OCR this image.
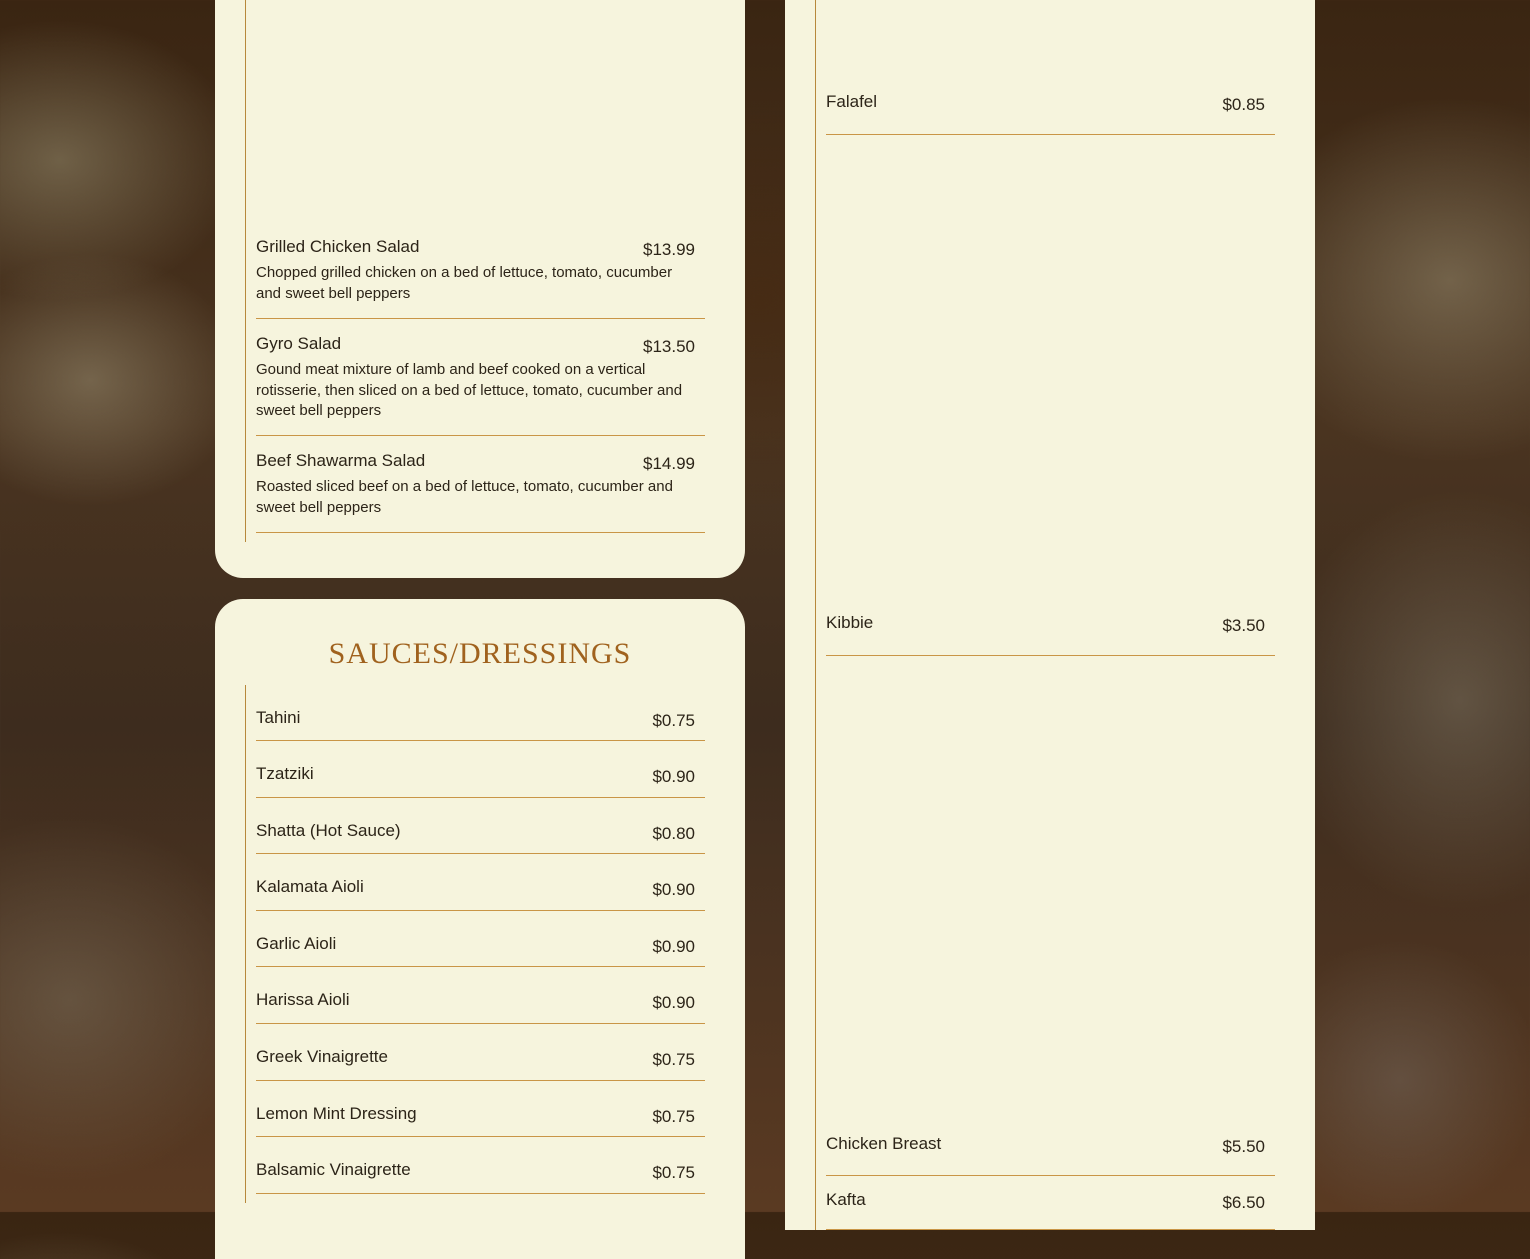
Grilled Chicken Salad	$13.99
Chopped grilled chicken on a bed of lettuce, tomato, cucumber and sweet bell peppers
Gyro Salad	$13.50
Gound meat mixture of lamb and beef cooked on a vertical rotisserie, then sliced on a bed of lettuce, tomato, cucumber and sweet bell peppers
Beef Shawarma Salad	$14.99
Roasted sliced beef on a bed of lettuce, tomato, cucumber and sweet bell peppers
SAUCES/DRESSINGS
Tahini	$0.75
Tzatziki	$0.90
Shatta (Hot Sauce)	$0.80
Kalamata Aioli	$0.90
Garlic Aioli	$0.90
Harissa Aioli	$0.90
Greek Vinaigrette	$0.75
Lemon Mint Dressing	$0.75
Balsamic Vinaigrette	$0.75
Falafel	$0.85
Kibbie	$3.50
Chicken Breast	$5.50
Kafta	$6.50
